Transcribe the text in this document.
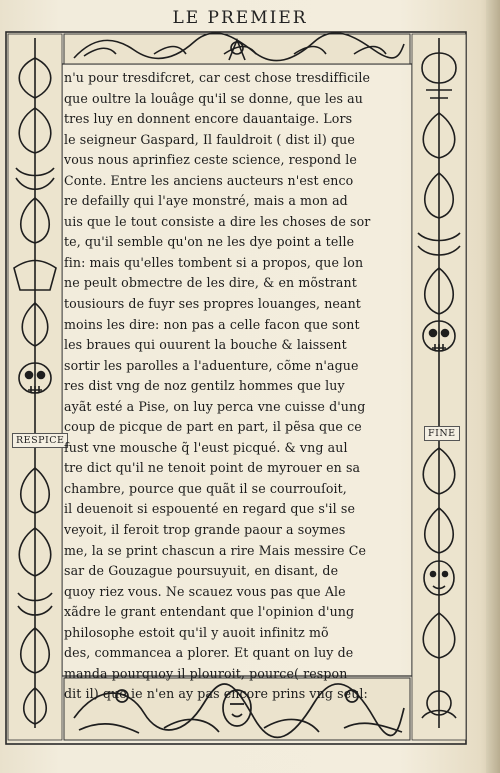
LE PREMIER
RESPICE
FINE
n'u pour tresdifcret, car cest chose tresdifficile
que oultre la louâge qu'il se donne, que les au
tres luy en donnent encore dauantaige. Lors
le seigneur Gaspard, Il fauldroit ( dist il) que
vous nous aprinfiez ceste science, respond le
Conte. Entre les anciens aucteurs n'est enco
re defailly qui l'aye monstré, mais a mon ad
uis que le tout consiste a dire les choses de sor
te, qu'il semble qu'on ne les dye point a telle
fin: mais qu'elles tombent si a propos, que lon
ne peult obmectre de les dire, & en mõstrant
tousiours de fuyr ses propres louanges, neant
moins les dire: non pas a celle facon que sont
les braues qui ouurent la bouche & laissent
sortir les parolles a l'aduenture, cõme n'ague
res dist vng de noz gentilz hommes que luy
ayãt esté a Pise, on luy perca vne cuisse d'ung
coup de picque de part en part, il pẽsa que ce
fust vne mousche q̃ l'eust picqué. & vng aul
tre dict qu'il ne tenoit point de myrouer en sa
chambre, pource que quãt il se courrouſoit,
il deuenoit si espouenté en regard que s'il se
veyoit, il feroit trop grande paour a soymes
me, la se print chascun a rire Mais messire Ce
sar de Gouzague poursuyuit, en disant, de
quoy riez vous. Ne scauez vous pas que Ale
xãdre le grant entendant que l'opinion d'ung
philosophe estoit qu'il y auoit infinitz mõ
des, commanceа a plorer. Et quant on luy de
manda pourquoy il plouroit, pource( respon
dit il) que ie n'en ay pas encore prins vng seul:
